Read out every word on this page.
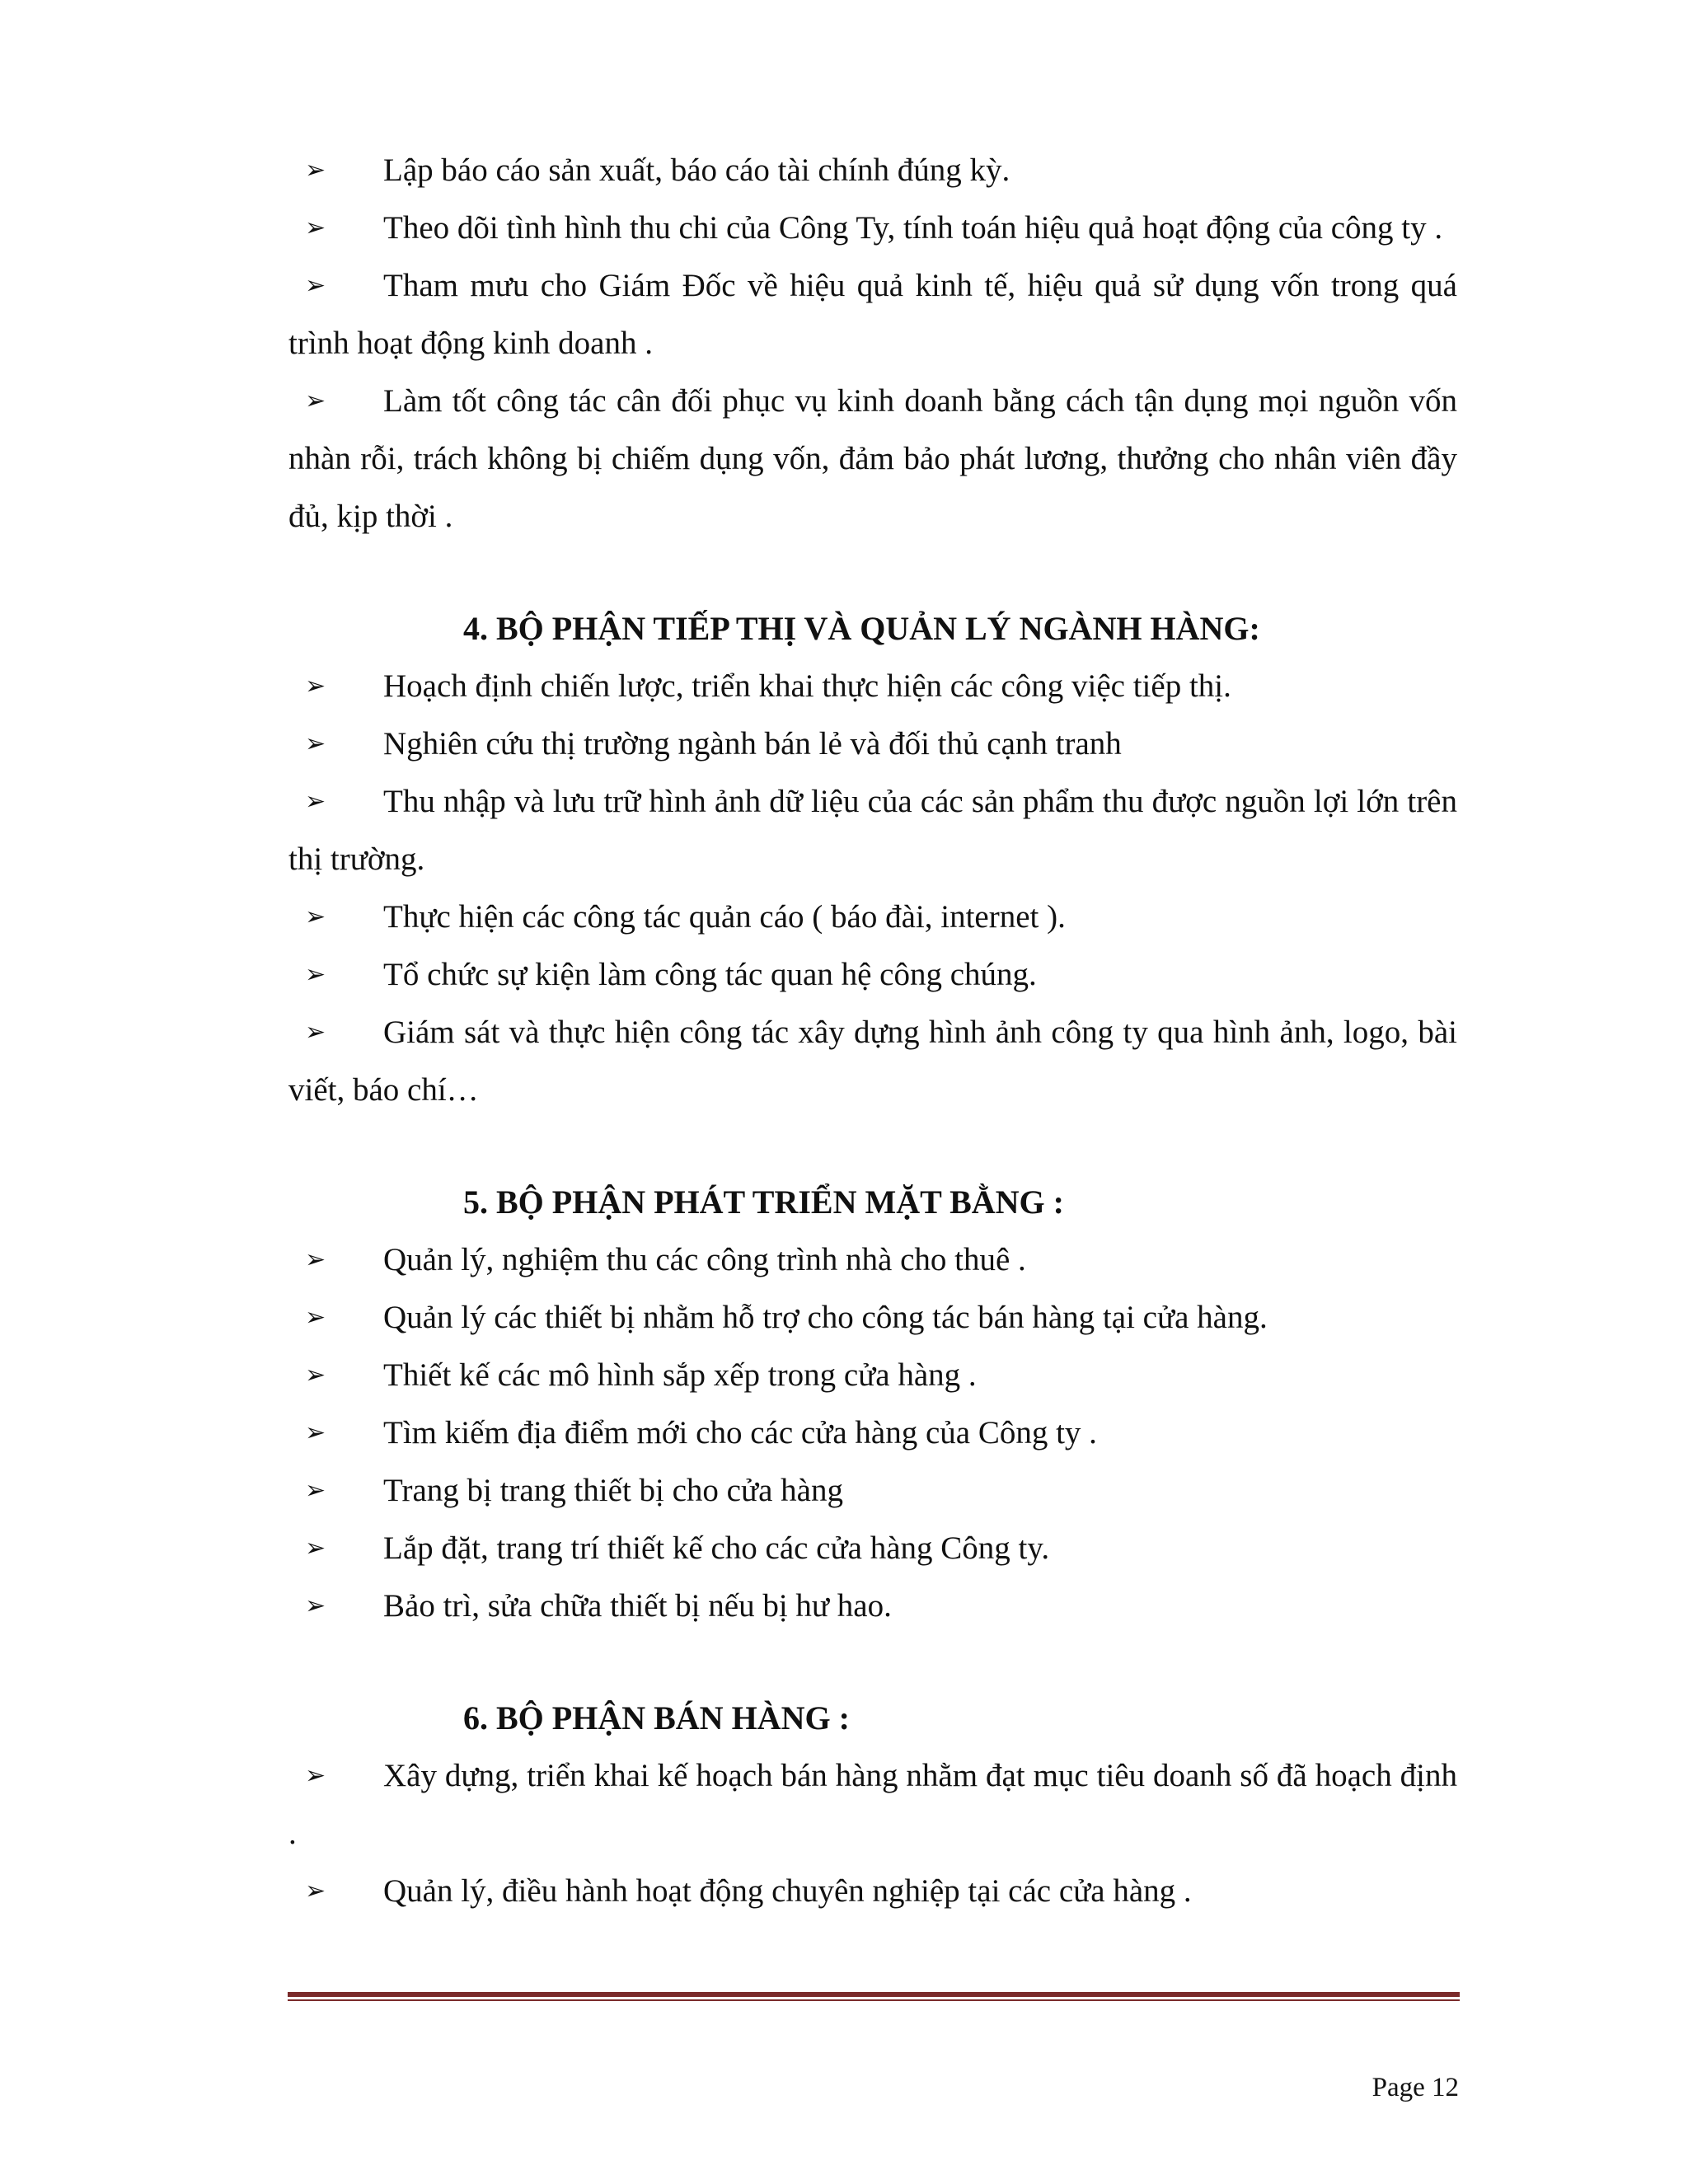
➢	Lập báo cáo sản xuất, báo cáo tài chính đúng kỳ.

➢	Theo dõi tình hình thu chi của Công Ty, tính toán hiệu quả hoạt động của công ty .

➢	Tham mưu cho Giám Đốc về hiệu quả kinh tế, hiệu quả sử dụng vốn trong quá trình hoạt động kinh doanh .

➢	Làm tốt công tác cân đối phục vụ kinh doanh bằng cách tận dụng mọi nguồn vốn nhàn rỗi, trách không bị chiếm dụng vốn, đảm bảo phát lương, thưởng cho nhân viên đầy đủ, kịp thời .

4. BỘ PHẬN TIẾP THỊ VÀ QUẢN LÝ NGÀNH HÀNG:

➢	Hoạch định chiến lược, triển khai thực hiện các công việc tiếp thị.

➢	Nghiên cứu thị trường ngành bán lẻ và đối thủ cạnh tranh

➢	Thu nhập và lưu trữ hình ảnh dữ liệu của các sản phẩm thu được nguồn lợi lớn trên thị trường.

➢	Thực hiện các công tác quản cáo ( báo đài, internet ).

➢	Tổ chức sự kiện làm công tác quan hệ công chúng.

➢	Giám sát và thực hiện công tác xây dựng hình ảnh công ty qua hình ảnh, logo, bài viết, báo chí…

5. BỘ PHẬN PHÁT TRIỂN MẶT BẰNG :

➢	Quản lý, nghiệm thu các công trình nhà cho thuê .

➢	Quản lý các thiết bị nhằm hỗ trợ cho công tác bán hàng tại cửa hàng.

➢	Thiết kế các mô hình sắp xếp trong cửa hàng .

➢	Tìm kiếm địa điểm mới cho các cửa hàng của Công ty .

➢	Trang bị trang thiết bị cho cửa hàng

➢	Lắp đặt, trang trí thiết kế cho các cửa hàng Công ty.

➢	Bảo trì, sửa chữa thiết bị nếu bị hư hao.

6. BỘ PHẬN BÁN HÀNG :

➢	Xây dựng, triển khai kế hoạch bán hàng nhằm đạt mục tiêu doanh số đã hoạch định .

➢	Quản lý, điều hành hoạt động chuyên nghiệp tại các cửa hàng .

Page 12
